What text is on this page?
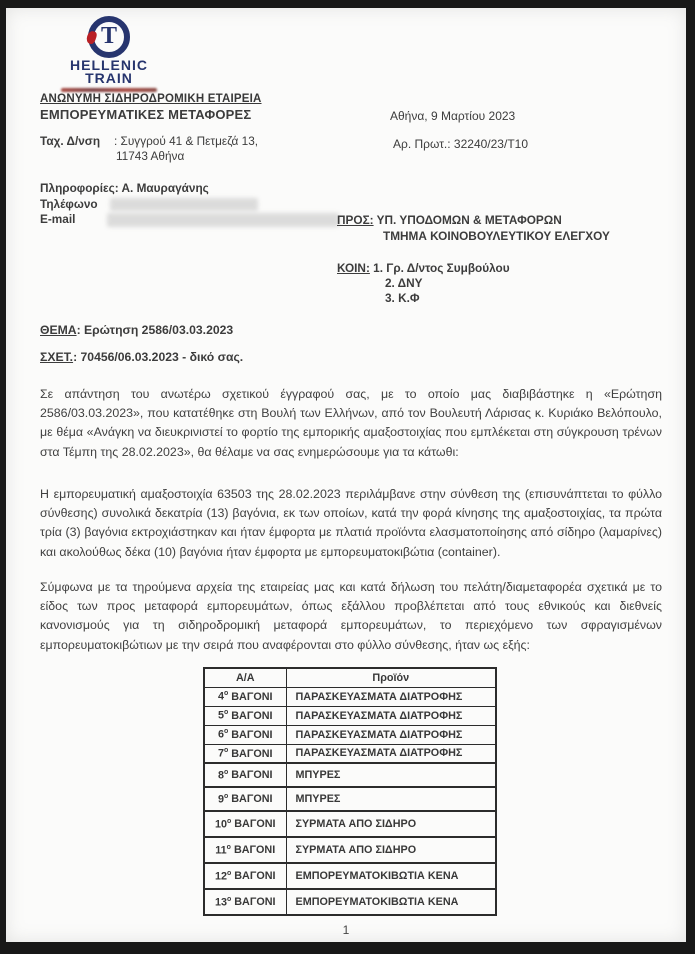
T
HELLENIC
TRAIN
ΑΝΩΝΥΜΗ ΣΙΔΗΡΟΔΡΟΜΙΚΗ ΕΤΑΙΡΕΙΑ
ΕΜΠΟΡΕΥΜΑΤΙΚΕΣ ΜΕΤΑΦΟΡΕΣ
Ταχ. Δ/νση : Συγγρού 41 & Πετμεζά 13,
11743 Αθήνα
Πληροφορίες: Α. Μαυραγάνης
Τηλέφωνο
E-mail
Αθήνα, 9 Μαρτίου 2023
Αρ. Πρωτ.: 32240/23/Τ10
ΠΡΟΣ: ΥΠ. ΥΠΟΔΟΜΩΝ & ΜΕΤΑΦΟΡΩΝ
ΤΜΗΜΑ ΚΟΙΝΟΒΟΥΛΕΥΤΙΚΟΥ ΕΛΕΓΧΟΥ
ΚΟΙΝ: 1. Γρ. Δ/ντος Συμβούλου
2. ΔΝΥ
3. Κ.Φ
ΘΕΜΑ: Ερώτηση 2586/03.03.2023
ΣΧΕΤ.: 70456/06.03.2023 - δικό σας.
Σε απάντηση του ανωτέρω σχετικού έγγραφού σας, με το οποίο μας διαβιβάστηκε η «Ερώτηση 2586/03.03.2023», που κατατέθηκε στη Βουλή των Ελλήνων, από τον Βουλευτή Λάρισας κ. Κυριάκο Βελόπουλο, με θέμα «Ανάγκη να διευκρινιστεί το φορτίο της εμπορικής αμαξοστοιχίας που εμπλέκεται στη σύγκρουση τρένων στα Τέμπη της 28.02.2023», θα θέλαμε να σας ενημερώσουμε για τα κάτωθι:
Η εμπορευματική αμαξοστοιχία 63503 της 28.02.2023 περιλάμβανε στην σύνθεση της (επισυνάπτεται το φύλλο σύνθεσης) συνολικά δεκατρία (13) βαγόνια, εκ των οποίων, κατά την φορά κίνησης της αμαξοστοιχίας, τα πρώτα τρία (3) βαγόνια εκτροχιάστηκαν και ήταν έμφορτα με πλατιά προϊόντα ελασματοποίησης από σίδηρο (λαμαρίνες) και ακολούθως δέκα (10) βαγόνια ήταν έμφορτα με εμπορευματοκιβώτια (container).
Σύμφωνα με τα τηρούμενα αρχεία της εταιρείας μας και κατά δήλωση του πελάτη/διαμεταφορέα σχετικά με το είδος των προς μεταφορά εμπορευμάτων, όπως εξάλλου προβλέπεται από τους εθνικούς και διεθνείς κανονισμούς για τη σιδηροδρομική μεταφορά εμπορευμάτων, το περιεχόμενο των σφραγισμένων εμπορευματοκιβώτιων με την σειρά που αναφέρονται στο φύλλο σύνθεσης, ήταν ως εξής:
Α/Α	Προϊόν
$4^o$ ΒΑΓΟΝΙ	ΠΑΡΑΣΚΕΥΑΣΜΑΤΑ ΔΙΑΤΡΟΦΗΣ
$5^o$ ΒΑΓΟΝΙ	ΠΑΡΑΣΚΕΥΑΣΜΑΤΑ ΔΙΑΤΡΟΦΗΣ
$6^o$ ΒΑΓΟΝΙ	ΠΑΡΑΣΚΕΥΑΣΜΑΤΑ ΔΙΑΤΡΟΦΗΣ
$7^o$ ΒΑΓΟΝΙ	ΠΑΡΑΣΚΕΥΑΣΜΑΤΑ ΔΙΑΤΡΟΦΗΣ
$8^o$ ΒΑΓΟΝΙ	ΜΠΥΡΕΣ
$9^o$ ΒΑΓΟΝΙ	ΜΠΥΡΕΣ
$10^o$ ΒΑΓΟΝΙ	ΣΥΡΜΑΤΑ ΑΠΟ ΣΙΔΗΡΟ
$11^o$ ΒΑΓΟΝΙ	ΣΥΡΜΑΤΑ ΑΠΟ ΣΙΔΗΡΟ
$12^o$ ΒΑΓΟΝΙ	ΕΜΠΟΡΕΥΜΑΤΟΚΙΒΩΤΙΑ ΚΕΝΑ
$13^o$ ΒΑΓΟΝΙ	ΕΜΠΟΡΕΥΜΑΤΟΚΙΒΩΤΙΑ ΚΕΝΑ
1
